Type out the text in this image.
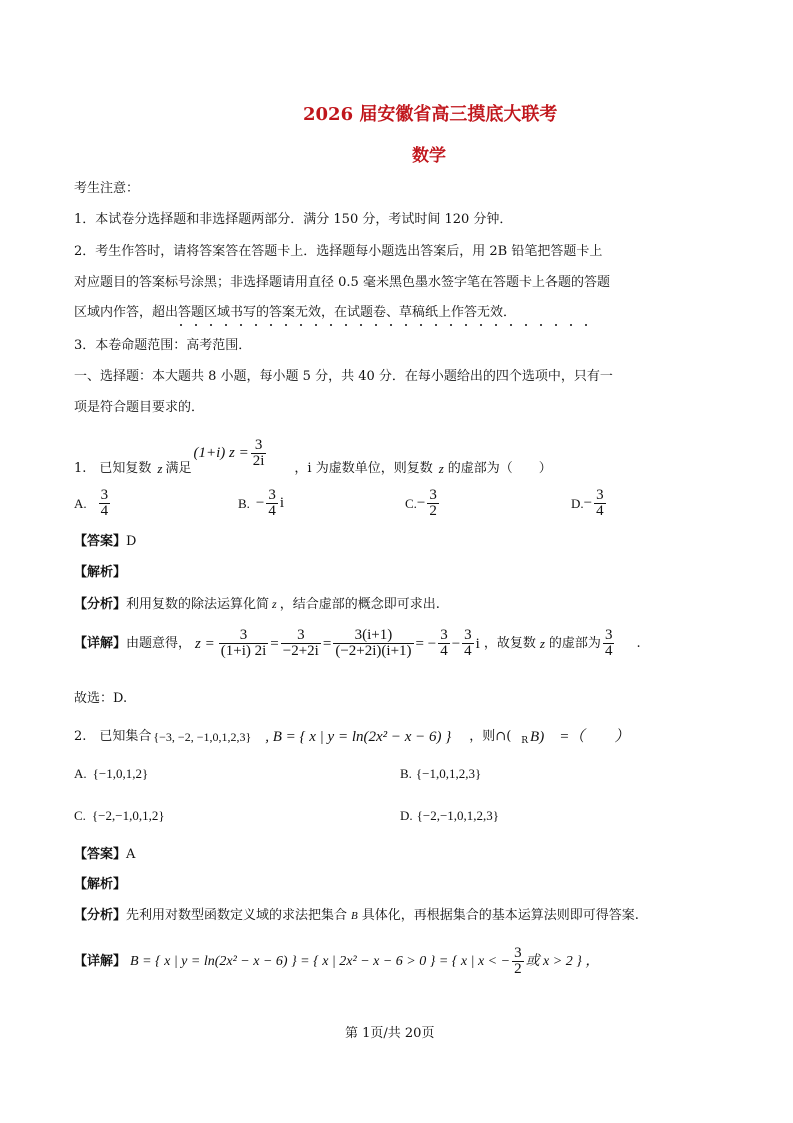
2026 届安徽省高三摸底大联考
数学
考生注意：
1．本试卷分选择题和非选择题两部分．满分 150 分，考试时间 120 分钟．
2．考生作答时，请将答案答在答题卡上．选择题每小题选出答案后，用 2B 铅笔把答题卡上
对应题目的答案标号涂黑；非选择题请用直径 0.5 毫米黑色墨水签字笔在答题卡上各题的答题
区域内作答，超出答题区域书写的答案无效，在试题卷、草稿纸上作答无效．
3．本卷命题范围：高考范围．
一、选择题：本大题共 8 小题，每小题 5 分，共 40 分．在每小题给出的四个选项中，只有一
项是符合题目要求的．
1.　已知复数 z 满足
(1+i) $z = \frac{3}{2i}$ ，i 为虚数单位，则复数 z 的虚部为（　　）
A. $\frac{3}{4}$	B. − $\frac{3}{4}$ i	C. − $\frac{3}{2}$	D. − $\frac{3}{4}$
【答案】D
【解析】
【分析】利用复数的除法运算化简 z ，结合虚部的概念即可求出.
【详解】 由题意得， $z = \frac{3}{(1+i) 2i} = \frac{3}{-2+2i} = \frac{3(i+1)}{(-2+2i)(i+1)}$ = − $\frac{3}{4} - \frac{3}{4}$ i ，故复数 z 的虚部为 $\frac{3}{4}$ .
故选：D.
2.　已知集合 {−3, −2, −1,0,1,2,3} , B = { x | y = ln(2x² − x − 6) } ，则∩( R B)　=（　　）
A. {−1,0,1,2}	B. {−1,0,1,2,3}
C. {−2,−1,0,1,2}	D. {−2,−1,0,1,2,3}
【答案】A
【解析】
【分析】先利用对数型函数定义域的求法把集合 B 具体化，再根据集合的基本运算法则即可得答案.
【详解】 B = { x | y = ln(2x² − x − 6) } = { x | 2x² − x − 6 > 0 } = { x | x < − $\frac{3}{2}$ 或 x > 2 } ，
第 1页/共 20页
